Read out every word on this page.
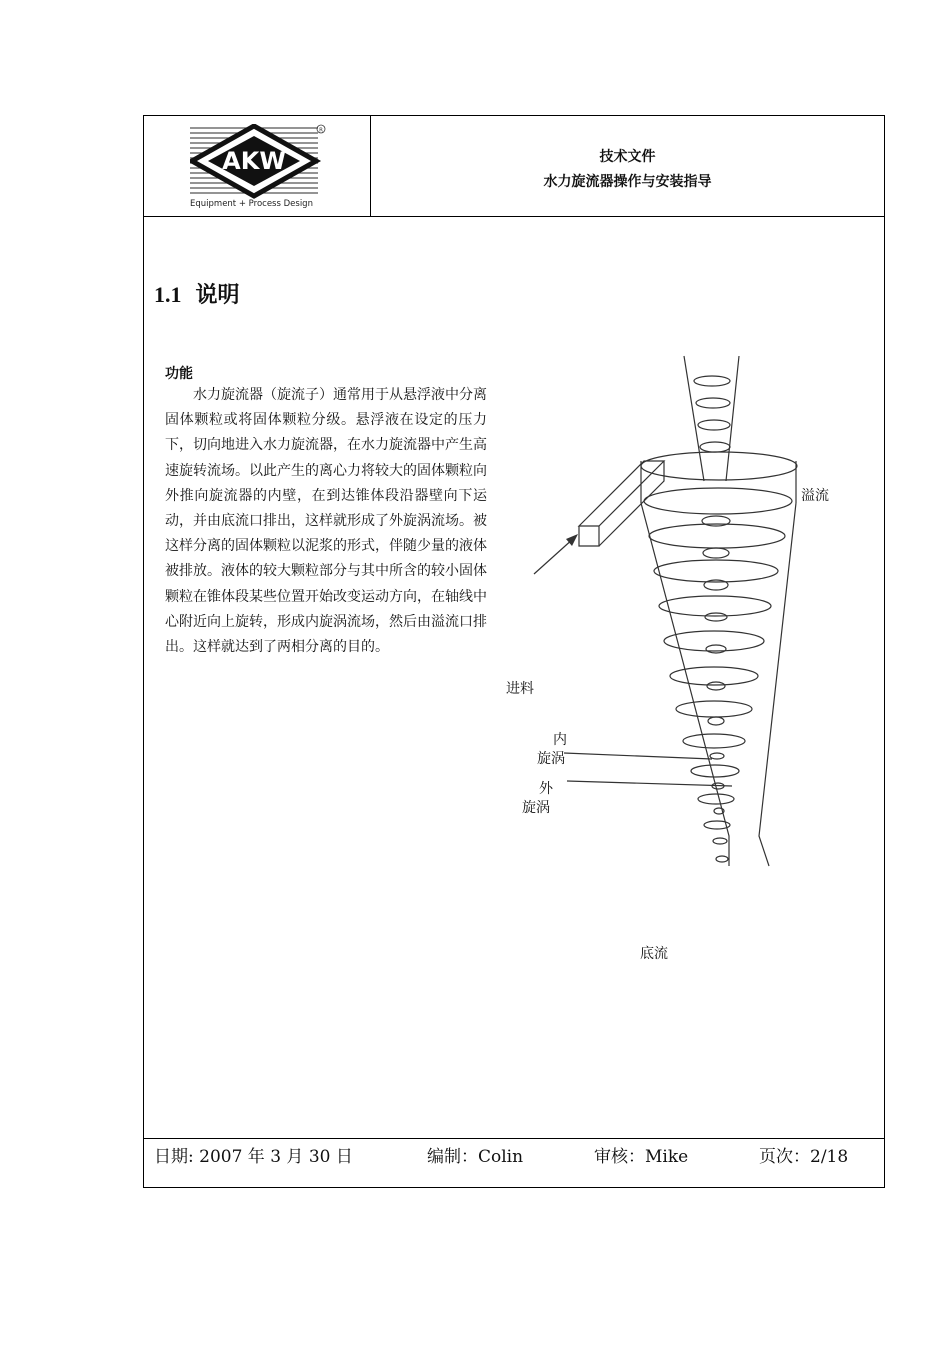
AKW
R
Equipment + Process Design
技术文件
水力旋流器操作与安装指导
1.1 说明
功能
水力旋流器（旋流子）通常用于从悬浮液中分离固体颗粒或将固体颗粒分级。悬浮液在设定的压力下，切向地进入水力旋流器，在水力旋流器中产生高速旋转流场。以此产生的离心力将较大的固体颗粒向外推向旋流器的内壁，在到达锥体段沿器壁向下运动，并由底流口排出，这样就形成了外旋涡流场。被这样分离的固体颗粒以泥浆的形式，伴随少量的液体被排放。液体的较大颗粒部分与其中所含的较小固体颗粒在锥体段某些位置开始改变运动方向，在轴线中心附近向上旋转，形成内旋涡流场，然后由溢流口排出。这样就达到了两相分离的目的。
溢流
进料
内
旋涡
外
旋涡
底流
日期: 2007 年 3 月 30 日	编制：Colin	审核：Mike	页次：2/18
